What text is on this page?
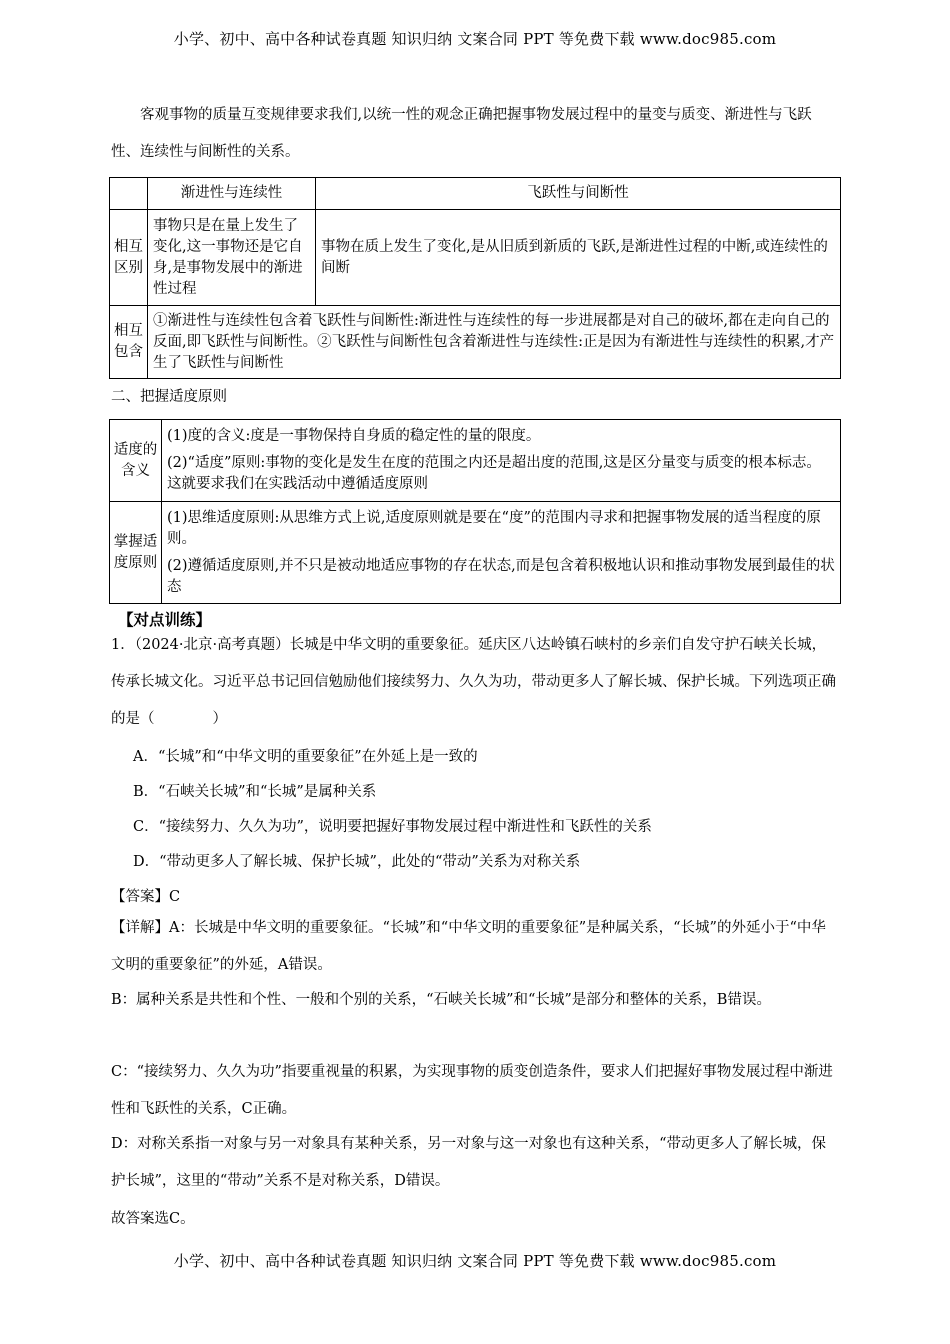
小学、初中、高中各种试卷真题 知识归纳 文案合同 PPT 等免费下载 www.doc985.com

客观事物的质量互变规律要求我们,以统一性的观念正确把握事物发展过程中的量变与质变、渐进性与飞跃性、连续性与间断性的关系。

	渐进性与连续性	飞跃性与间断性
相互区别	事物只是在量上发生了变化,这一事物还是它自身,是事物发展中的渐进性过程	事物在质上发生了变化,是从旧质到新质的飞跃,是渐进性过程的中断,或连续性的间断
相互包含	①渐进性与连续性包含着飞跃性与间断性:渐进性与连续性的每一步进展都是对自己的破坏,都在走向自己的反面,即飞跃性与间断性。②飞跃性与间断性包含着渐进性与连续性:正是因为有渐进性与连续性的积累,才产生了飞跃性与间断性	
二、把握适度原则
适度的含义	(1)度的含义:度是一事物保持自身质的稳定性的量的限度。

(2)“适度”原则:事物的变化是发生在度的范围之内还是超出度的范围,这是区分量变与质变的根本标志。这就要求我们在实践活动中遵循适度原则

掌握适度原则	(1)思维适度原则:从思维方式上说,适度原则就是要在“度”的范围内寻求和把握事物发展的适当程度的原则。

(2)遵循适度原则,并不只是被动地适应事物的存在状态,而是包含着积极地认识和推动事物发展到最佳的状态

【对点训练】

1．（2024·北京·高考真题）长城是中华文明的重要象征。延庆区八达岭镇石峡村的乡亲们自发守护石峡关长城，传承长城文化。习近平总书记回信勉励他们接续努力、久久为功，带动更多人了解长城、保护长城。下列选项正确的是（　　　　）

A．“长城”和“中华文明的重要象征”在外延上是一致的
B．“石峡关长城”和“长城”是属种关系
C．“接续努力、久久为功”，说明要把握好事物发展过程中渐进性和飞跃性的关系
D．“带动更多人了解长城、保护长城”，此处的“带动”关系为对称关系
【答案】C

【详解】A：长城是中华文明的重要象征。“长城”和“中华文明的重要象征”是种属关系，“长城”的外延小于“中华文明的重要象征”的外延，A错误。

B：属种关系是共性和个性、一般和个别的关系，“石峡关长城”和“长城”是部分和整体的关系，B错误。

C：“接续努力、久久为功”指要重视量的积累，为实现事物的质变创造条件，要求人们把握好事物发展过程中渐进性和飞跃性的关系，C正确。

D：对称关系指一对象与另一对象具有某种关系，另一对象与这一对象也有这种关系，“带动更多人了解长城，保护长城”，这里的“带动”关系不是对称关系，D错误。

故答案选C。
小学、初中、高中各种试卷真题 知识归纳 文案合同 PPT 等免费下载 www.doc985.com
